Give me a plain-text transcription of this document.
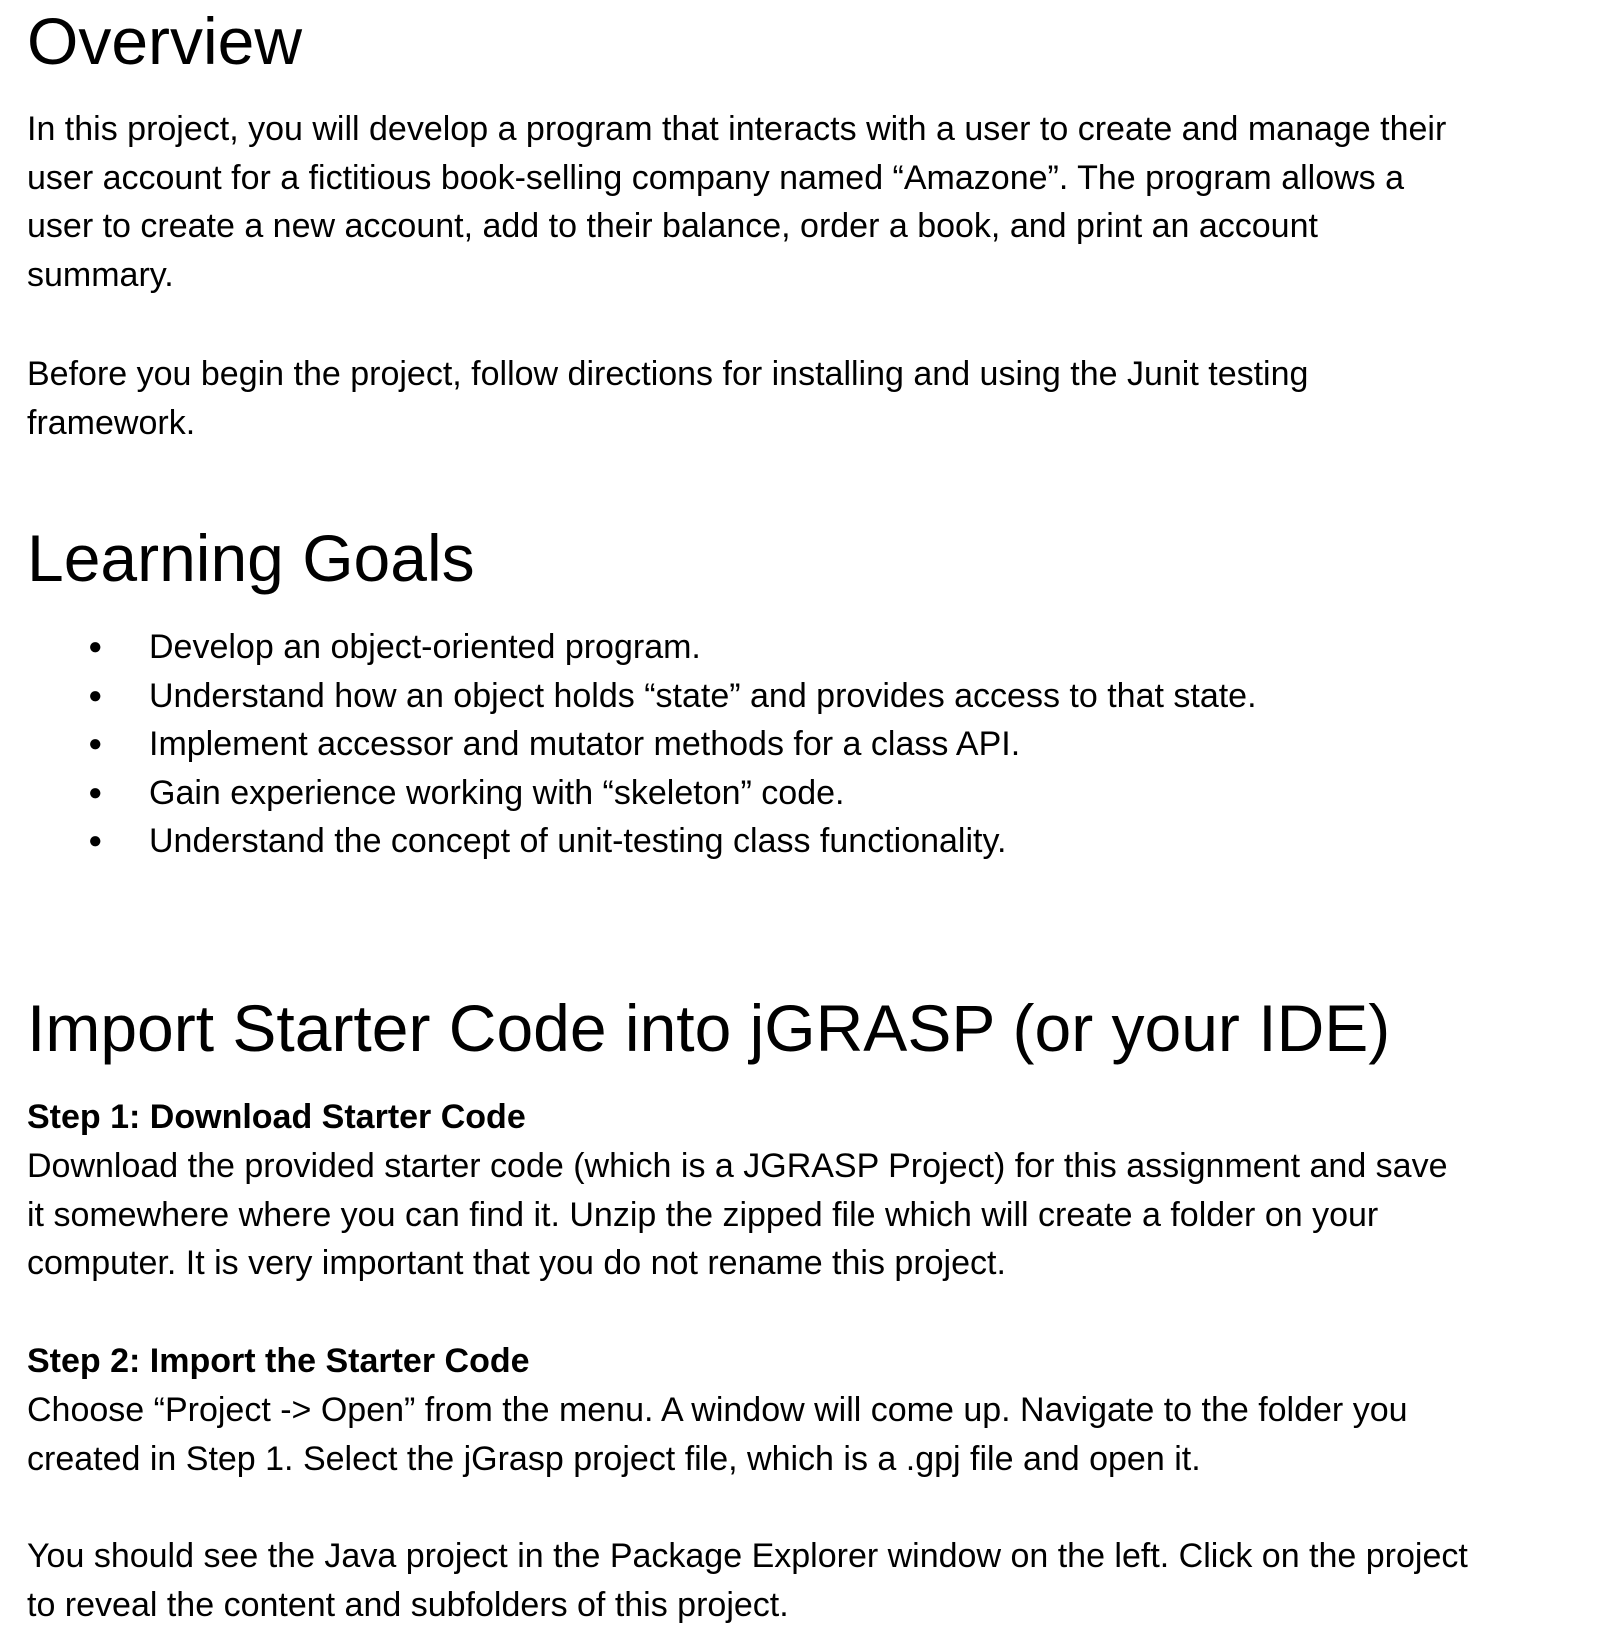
Overview

In this project, you will develop a program that interacts with a user to create and manage their
user account for a fictitious book-selling company named “Amazone”. The program allows a
user to create a new account, add to their balance, order a book, and print an account
summary.

Before you begin the project, follow directions for installing and using the Junit testing
framework.

Learning Goals
● Develop an object-oriented program.
● Understand how an object holds “state” and provides access to that state.
● Implement accessor and mutator methods for a class API.
● Gain experience working with “skeleton” code.
● Understand the concept of unit-testing class functionality.
Import Starter Code into jGRASP (or your IDE)

Step 1: Download Starter Code

Download the provided starter code (which is a JGRASP Project) for this assignment and save
it somewhere where you can find it. Unzip the zipped file which will create a folder on your
computer. It is very important that you do not rename this project.

Step 2: Import the Starter Code

Choose “Project -> Open” from the menu. A window will come up. Navigate to the folder you
created in Step 1. Select the jGrasp project file, which is a .gpj file and open it.

You should see the Java project in the Package Explorer window on the left. Click on the project
to reveal the content and subfolders of this project.
